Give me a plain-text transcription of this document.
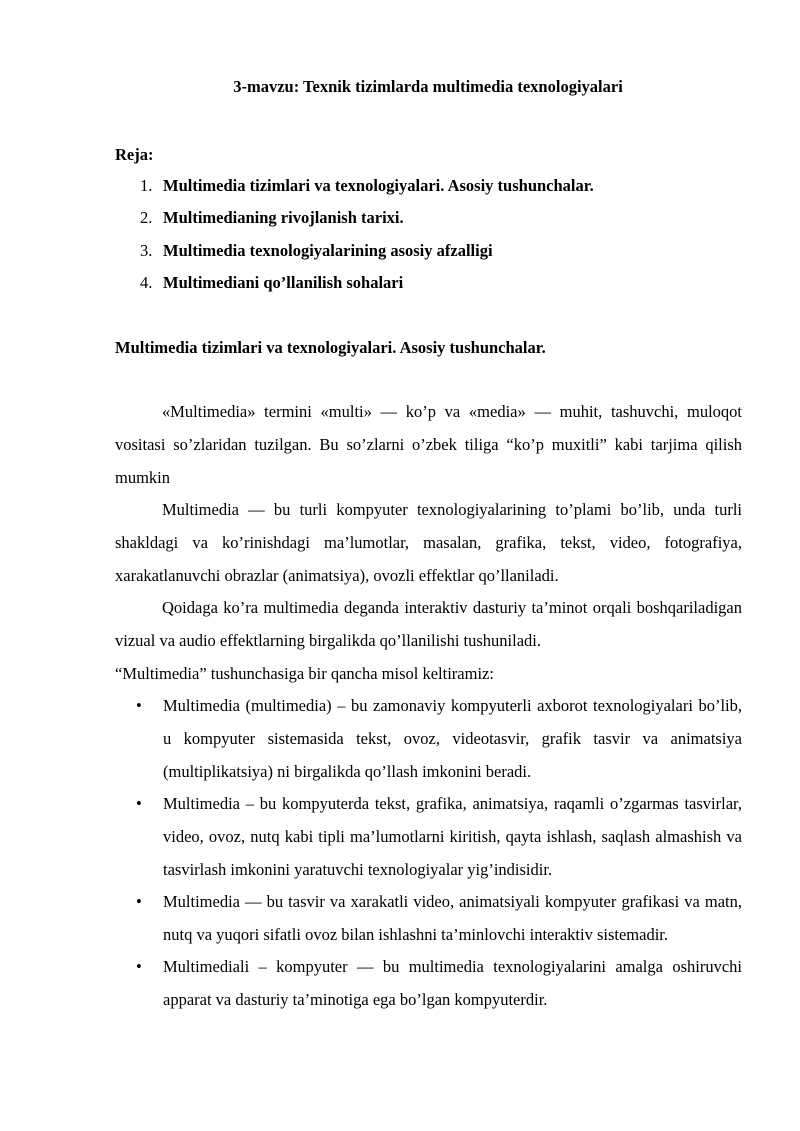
3-mavzu: Texnik tizimlarda multimedia texnologiyalari
Reja:
1. Multimedia tizimlari va texnologiyalari. Asosiy tushunchalar.
2. Multimedianing rivojlanish tarixi.
3. Multimedia texnologiyalarining asosiy afzalligi
4. Multimediani qo’llanilish sohalari
Multimedia tizimlari va texnologiyalari. Asosiy tushunchalar.

«Multimedia» termini «multi» — ko’p va «media» — muhit, tashuvchi, muloqot vositasi so’zlaridan tuzilgan. Bu so’zlarni o’zbek tiliga “ko’p muxitli” kabi tarjima qilish mumkin

Multimedia — bu turli kompyuter texnologiyalarining to’plami bo’lib, unda turli shakldagi va ko’rinishdagi ma’lumotlar, masalan, grafika, tekst, video, fotografiya, xarakatlanuvchi obrazlar (animatsiya), ovozli effektlar qo’llaniladi.

Qoidaga ko’ra multimedia deganda interaktiv dasturiy ta’minot orqali boshqariladigan vizual va audio effektlarning birgalikda qo’llanilishi tushuniladi.

“Multimedia” tushunchasiga bir qancha misol keltiramiz:

• Multimedia (multimedia) – bu zamonaviy kompyuterli axborot texnologiyalari bo’lib, u kompyuter sistemasida tekst, ovoz, videotasvir, grafik tasvir va animatsiya (multiplikatsiya) ni birgalikda qo’llash imkonini beradi.
• Multimedia – bu kompyuterda tekst, grafika, animatsiya, raqamli o’zgarmas tasvirlar, video, ovoz, nutq kabi tipli ma’lumotlarni kiritish, qayta ishlash, saqlash almashish va tasvirlash imkonini yaratuvchi texnologiyalar yig’indisidir.
• Multimedia — bu tasvir va xarakatli video, animatsiyali kompyuter grafikasi va matn, nutq va yuqori sifatli ovoz bilan ishlashni ta’minlovchi interaktiv sistemadir.
• Multimediali – kompyuter — bu multimedia texnologiyalarini amalga oshiruvchi apparat va dasturiy ta’minotiga ega bo’lgan kompyuterdir.
